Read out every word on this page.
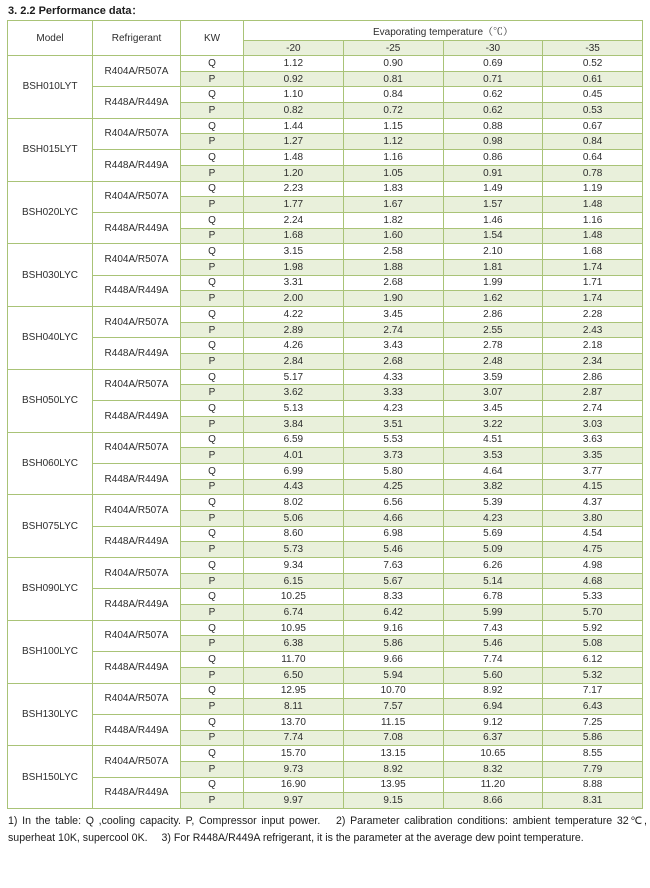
3. 2.2 Performance data：
Model	Refrigerant	KW	Evaporating temperature（℃）			
			-20	-25	-30	-35
BSH010LYT	R404A/R507A	Q	1.12	0.90	0.69	0.52
		P	0.92	0.81	0.71	0.61
	R448A/R449A	Q	1.10	0.84	0.62	0.45
		P	0.82	0.72	0.62	0.53
BSH015LYT	R404A/R507A	Q	1.44	1.15	0.88	0.67
		P	1.27	1.12	0.98	0.84
	R448A/R449A	Q	1.48	1.16	0.86	0.64
		P	1.20	1.05	0.91	0.78
BSH020LYC	R404A/R507A	Q	2.23	1.83	1.49	1.19
		P	1.77	1.67	1.57	1.48
	R448A/R449A	Q	2.24	1.82	1.46	1.16
		P	1.68	1.60	1.54	1.48
BSH030LYC	R404A/R507A	Q	3.15	2.58	2.10	1.68
		P	1.98	1.88	1.81	1.74
	R448A/R449A	Q	3.31	2.68	1.99	1.71
		P	2.00	1.90	1.62	1.74
BSH040LYC	R404A/R507A	Q	4.22	3.45	2.86	2.28
		P	2.89	2.74	2.55	2.43
	R448A/R449A	Q	4.26	3.43	2.78	2.18
		P	2.84	2.68	2.48	2.34
BSH050LYC	R404A/R507A	Q	5.17	4.33	3.59	2.86
		P	3.62	3.33	3.07	2.87
	R448A/R449A	Q	5.13	4.23	3.45	2.74
		P	3.84	3.51	3.22	3.03
BSH060LYC	R404A/R507A	Q	6.59	5.53	4.51	3.63
		P	4.01	3.73	3.53	3.35
	R448A/R449A	Q	6.99	5.80	4.64	3.77
		P	4.43	4.25	3.82	4.15
BSH075LYC	R404A/R507A	Q	8.02	6.56	5.39	4.37
		P	5.06	4.66	4.23	3.80
	R448A/R449A	Q	8.60	6.98	5.69	4.54
		P	5.73	5.46	5.09	4.75
BSH090LYC	R404A/R507A	Q	9.34	7.63	6.26	4.98
		P	6.15	5.67	5.14	4.68
	R448A/R449A	Q	10.25	8.33	6.78	5.33
		P	6.74	6.42	5.99	5.70
BSH100LYC	R404A/R507A	Q	10.95	9.16	7.43	5.92
		P	6.38	5.86	5.46	5.08
	R448A/R449A	Q	11.70	9.66	7.74	6.12
		P	6.50	5.94	5.60	5.32
BSH130LYC	R404A/R507A	Q	12.95	10.70	8.92	7.17
		P	8.11	7.57	6.94	6.43
	R448A/R449A	Q	13.70	11.15	9.12	7.25
		P	7.74	7.08	6.37	5.86
BSH150LYC	R404A/R507A	Q	15.70	13.15	10.65	8.55
		P	9.73	8.92	8.32	7.79
	R448A/R449A	Q	16.90	13.95	11.20	8.88
		P	9.97	9.15	8.66	8.31

1) In the table: Q ,cooling capacity. P, Compressor input power. 2) Parameter calibration conditions: ambient temperature 32℃, superheat 10K, supercool 0K. 3) For R448A/R449A refrigerant, it is the parameter at the average dew point temperature.
